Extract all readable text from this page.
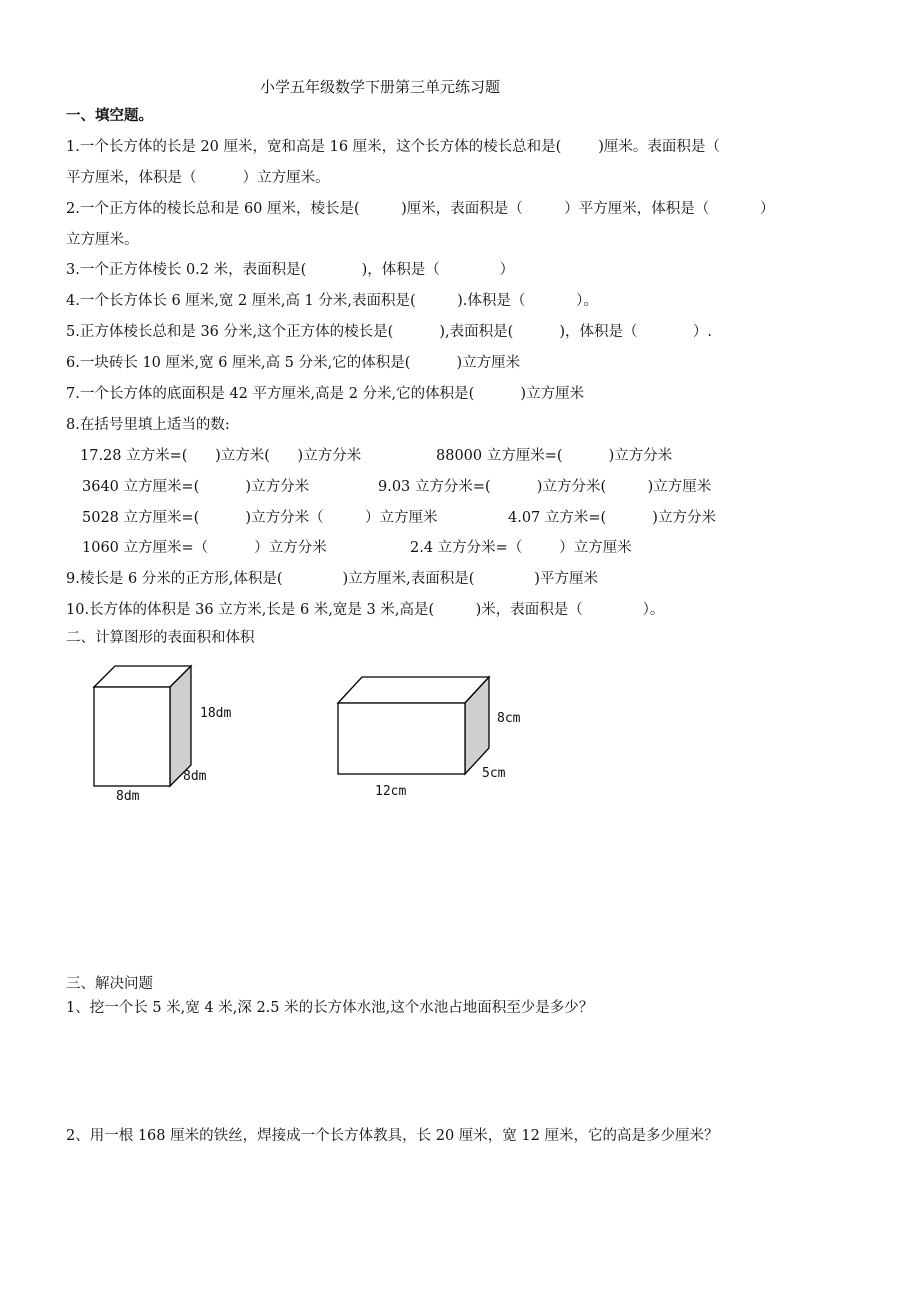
小学五年级数学下册第三单元练习题
一、填空题。
1.一个长方体的长是 20 厘米，宽和高是 16 厘米，这个长方体的棱长总和是(        )厘米。表面积是（
平方厘米，体积是（          ）立方厘米。
2.一个正方体的棱长总和是 60 厘米，棱长是(         )厘米，表面积是（         ）平方厘米，体积是（           ）
立方厘米。
3.一个正方体棱长 0.2 米，表面积是(            )，体积是（             ）
4.一个长方体长 6 厘米,宽 2 厘米,高 1 分米,表面积是(         ).体积是（           ）。
5.正方体棱长总和是 36 分米,这个正方体的棱长是(          ),表面积是(          )，体积是（            ）.
6.一块砖长 10 厘米,宽 6 厘米,高 5 分米,它的体积是(          )立方厘米
7.一个长方体的底面积是 42 平方厘米,高是 2 分米,它的体积是(          )立方厘米
8.在括号里填上适当的数:
17.28 立方米=(      )立方米(      )立方分米	88000 立方厘米=(          )立方分米
3640 立方厘米=(          )立方分米	9.03 立方分米=(          )立方分米(         )立方厘米
5028 立方厘米=(          )立方分米（         ）立方厘米	4.07 立方米=(          )立方分米
1060 立方厘米=（          ）立方分米	2.4 立方分米=（        ）立方厘米
9.棱长是 6 分米的正方形,体积是(             )立方厘米,表面积是(             )平方厘米
10.长方体的体积是 36 立方米,长是 6 米,宽是 3 米,高是(         )米，表面积是（             ）。
二、计算图形的表面积和体积
18dm
8dm
8dm
8cm
5cm
12cm
三、解决问题
1、挖一个长 5 米,宽 4 米,深 2.5 米的长方体水池,这个水池占地面积至少是多少？
2、用一根 168 厘米的铁丝，焊接成一个长方体教具，长 20 厘米，宽 12 厘米，它的高是多少厘米？
